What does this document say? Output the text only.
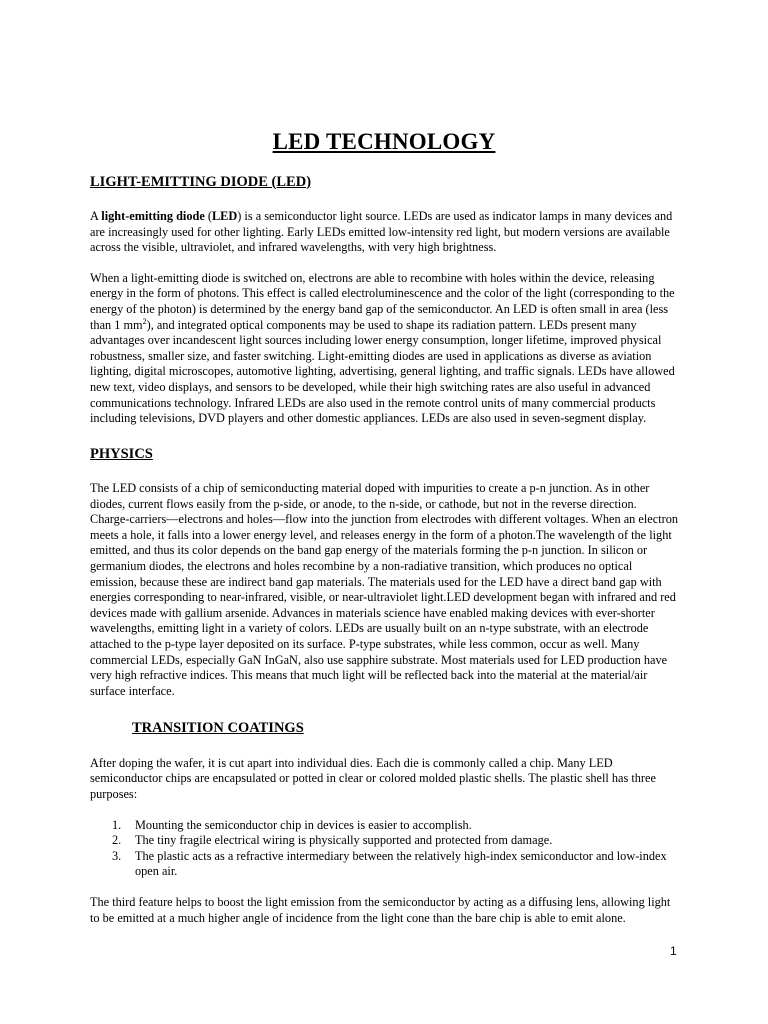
LED TECHNOLOGY
LIGHT-EMITTING DIODE (LED)

A light-emitting diode (LED) is a semiconductor light source. LEDs are used as indicator lamps in many devices and are increasingly used for other lighting. Early LEDs emitted low-intensity red light, but modern versions are available across the visible, ultraviolet, and infrared wavelengths, with very high brightness.

When a light-emitting diode is switched on, electrons are able to recombine with holes within the device, releasing energy in the form of photons. This effect is called electroluminescence and the color of the light (corresponding to the energy of the photon) is determined by the energy band gap of the semiconductor. An LED is often small in area (less than 1 $mm^2$), and integrated optical components may be used to shape its radiation pattern. LEDs present many advantages over incandescent light sources including lower energy consumption, longer lifetime, improved physical robustness, smaller size, and faster switching. Light-emitting diodes are used in applications as diverse as aviation lighting, digital microscopes, automotive lighting, advertising, general lighting, and traffic signals. LEDs have allowed new text, video displays, and sensors to be developed, while their high switching rates are also useful in advanced communications technology. Infrared LEDs are also used in the remote control units of many commercial products including televisions, DVD players and other domestic appliances. LEDs are also used in seven-segment display.

PHYSICS

The LED consists of a chip of semiconducting material doped with impurities to create a p-n junction. As in other diodes, current flows easily from the p-side, or anode, to the n-side, or cathode, but not in the reverse direction. Charge-carriers—electrons and holes—flow into the junction from electrodes with different voltages. When an electron meets a hole, it falls into a lower energy level, and releases energy in the form of a photon.The wavelength of the light emitted, and thus its color depends on the band gap energy of the materials forming the p-n junction. In silicon or germanium diodes, the electrons and holes recombine by a non-radiative transition, which produces no optical emission, because these are indirect band gap materials. The materials used for the LED have a direct band gap with energies corresponding to near-infrared, visible, or near-ultraviolet light.LED development began with infrared and red devices made with gallium arsenide. Advances in materials science have enabled making devices with ever-shorter wavelengths, emitting light in a variety of colors. LEDs are usually built on an n-type substrate, with an electrode attached to the p-type layer deposited on its surface. P-type substrates, while less common, occur as well. Many commercial LEDs, especially GaN InGaN, also use sapphire substrate. Most materials used for LED production have very high refractive indices. This means that much light will be reflected back into the material at the material/air surface interface.

TRANSITION COATINGS

After doping the wafer, it is cut apart into individual dies. Each die is commonly called a chip. Many LED semiconductor chips are encapsulated or potted in clear or colored molded plastic shells. The plastic shell has three purposes:

1. Mounting the semiconductor chip in devices is easier to accomplish.
2. The tiny fragile electrical wiring is physically supported and protected from damage.
3. The plastic acts as a refractive intermediary between the relatively high-index semiconductor and low-index open air.

The third feature helps to boost the light emission from the semiconductor by acting as a diffusing lens, allowing light to be emitted at a much higher angle of incidence from the light cone than the bare chip is able to emit alone.

1
